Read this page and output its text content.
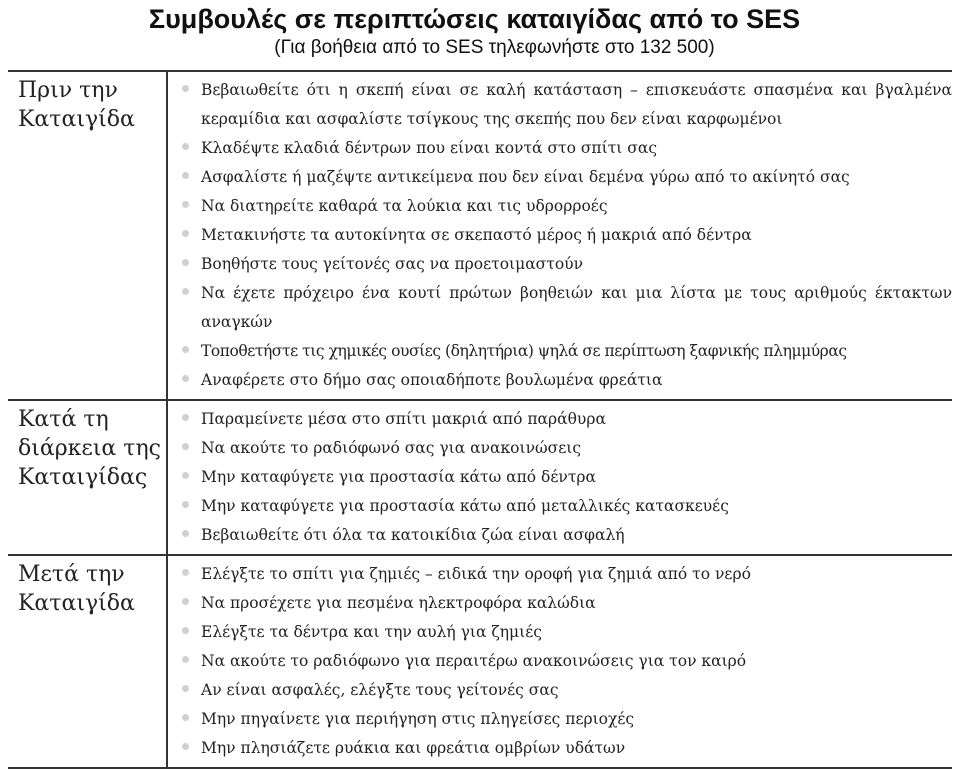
Συμβουλές σε περιπτώσεις καταιγίδας από το SES
(Για βοήθεια από το SES τηλεφωνήστε στο 132 500)
Πριν την Καταιγίδα
Βεβαιωθείτε ότι η σκεπή είναι σε καλή κατάσταση – επισκευάστε σπασμένα και βγαλμένα κεραμίδια και ασφαλίστε τσίγκους της σκεπής που δεν είναι καρφωμένοι
Κλαδέψτε κλαδιά δέντρων που είναι κοντά στο σπίτι σας
Ασφαλίστε ή μαζέψτε αντικείμενα που δεν είναι δεμένα γύρω από το ακίνητό σας
Να διατηρείτε καθαρά τα λούκια και τις υδρορροές
Μετακινήστε τα αυτοκίνητα σε σκεπαστό μέρος ή μακριά από δέντρα
Βοηθήστε τους γείτονές σας να προετοιμαστούν
Να έχετε πρόχειρο ένα κουτί πρώτων βοηθειών και μια λίστα με τους αριθμούς έκτακτων αναγκών
Τοποθετήστε τις χημικές ουσίες (δηλητήρια) ψηλά σε περίπτωση ξαφνικής πλημμύρας
Αναφέρετε στο δήμο σας οποιαδήποτε βουλωμένα φρεάτια
Κατά τη διάρκεια της Καταιγίδας
Παραμείνετε μέσα στο σπίτι μακριά από παράθυρα
Να ακούτε το ραδιόφωνό σας για ανακοινώσεις
Μην καταφύγετε για προστασία κάτω από δέντρα
Μην καταφύγετε για προστασία κάτω από μεταλλικές κατασκευές
Βεβαιωθείτε ότι όλα τα κατοικίδια ζώα είναι ασφαλή
Μετά την Καταιγίδα
Ελέγξτε το σπίτι για ζημιές – ειδικά την οροφή για ζημιά από το νερό
Να προσέχετε για πεσμένα ηλεκτροφόρα καλώδια
Ελέγξτε τα δέντρα και την αυλή για ζημιές
Να ακούτε το ραδιόφωνο για περαιτέρω ανακοινώσεις για τον καιρό
Αν είναι ασφαλές, ελέγξτε τους γείτονές σας
Μην πηγαίνετε για περιήγηση στις πληγείσες περιοχές
Μην πλησιάζετε ρυάκια και φρεάτια ομβρίων υδάτων
